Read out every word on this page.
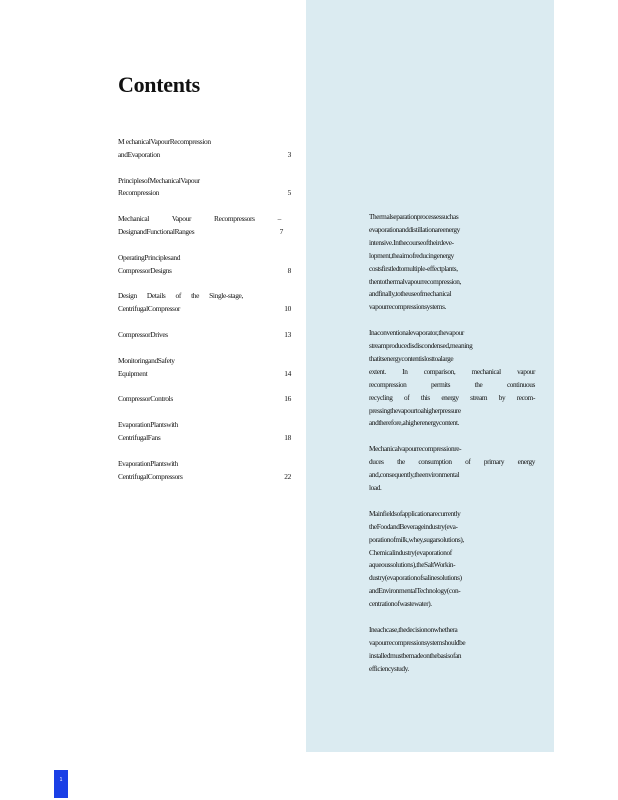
Contents
M echanicalVapourRecompression
andEvaporation	3
PrinciplesofMechanicalVapour
Recompression	5
Mechanical Vapour Recompressors –
DesignandFunctionalRanges	7
OperatingPrinciplesand
CompressorDesigns	8
Design Details of the Single-stage,
CentrifugalCompressor	10
CompressorDrives	13
MonitoringandSafety
Equipment	14
CompressorControls	16
EvaporationPlantswith
CentrifugalFans	18
EvaporationPlantswith
CentrifugalCompressors	22

Thermalseparationprocessessuchas
evaporationanddistillationareenergy
intensive.Inthecourseoftheirdeve-
lopment,theaimofreducingenergy
costsfirstledtomultiple-effectplants,
thentothermalvapourrecompression,
andfinally,totheuseofmechanical
vapourrecompressionsystems.

Inaconventionalevaporator,thevapour
streamproducedisdiscondensed,meaning
thatitsenergycontentislosttoalarge
extent. In comparison, mechanical vapour
recompression permits the continuous
recycling of this energy stream by recom-
pressingthevapourtoahigherpressure
andtherefore,ahigherenergycontent.

Mechanicalvapourrecompressionre-
duces the consumption of primary energy
and,consequently,theenvironmental
load.

Mainfieldsofapplicationarecurrently
theFoodandBeverageindustry(eva-
porationofmilk,whey,sugarsolutions),
Chemicalindustry(evaporationof
aqueoussolutions),theSaltWorkin-
dustry(evaporationofsalinesolutions)
andEnvironmentalTechnology(con-
centrationofwastewater).

Ineachcase,thedecisiononwhethera
vapourrecompressionsystemshouldbe
installedmustbemadeonthebasisofan
efficiencystudy.

1
